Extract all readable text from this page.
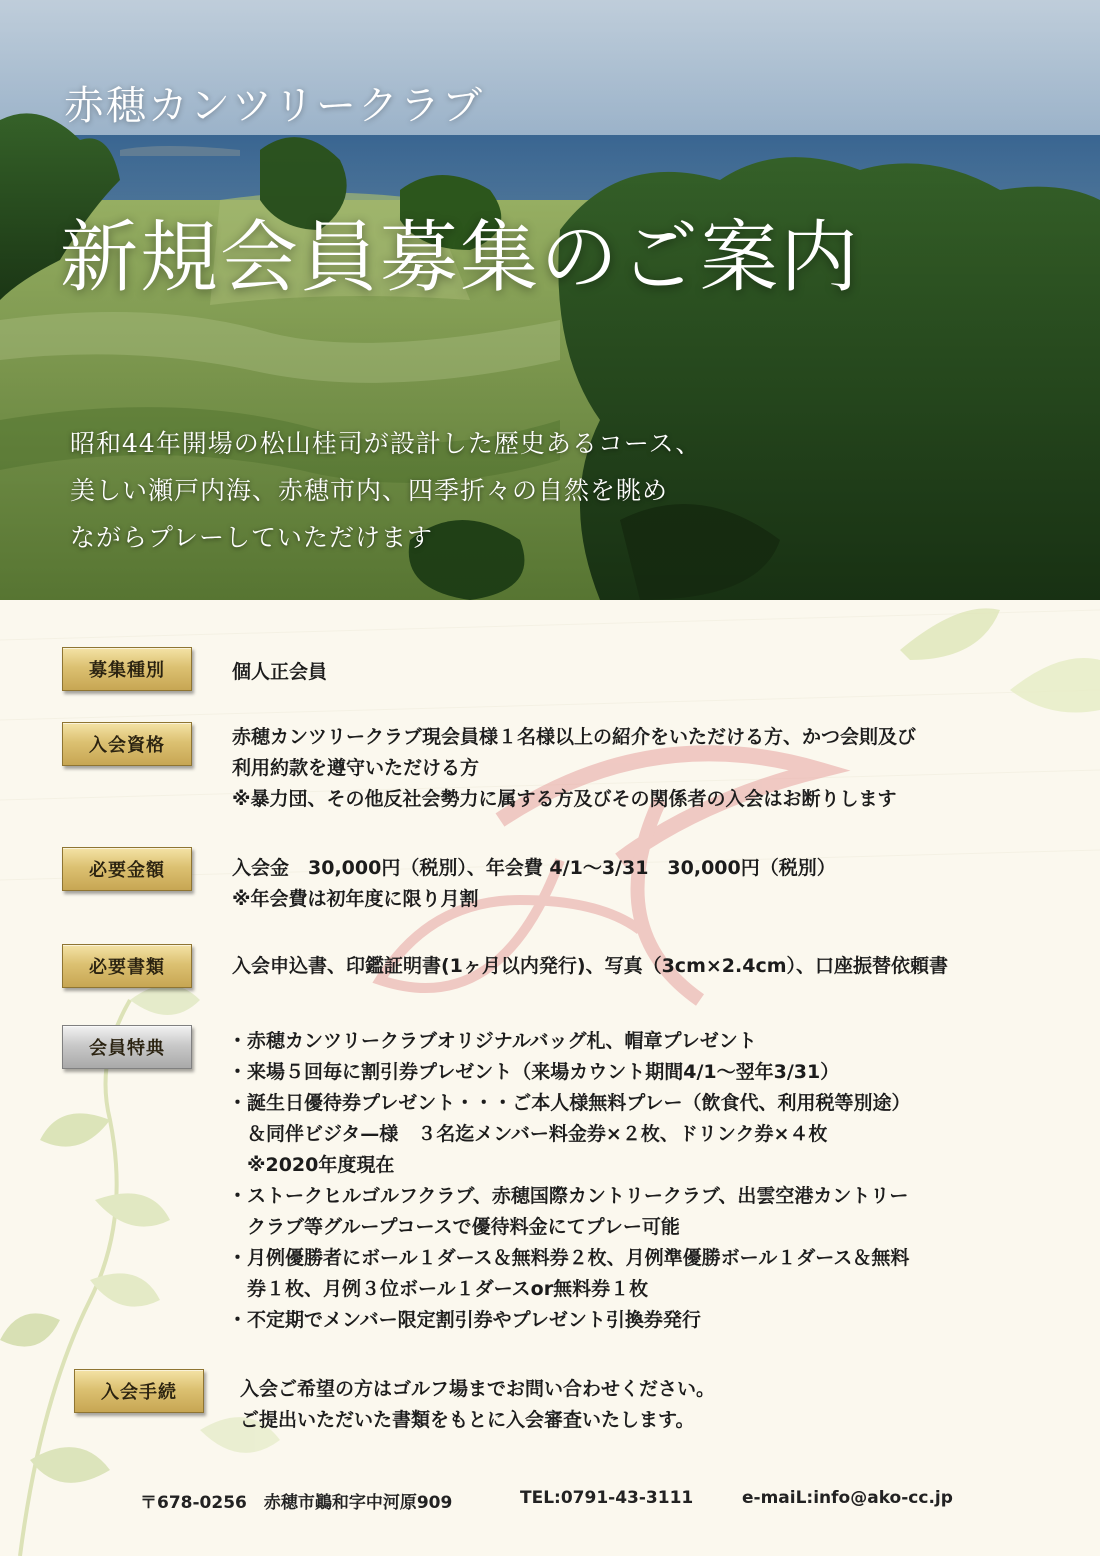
赤穂カンツリークラブ
新規会員募集のご案内
昭和44年開場の松山桂司が設計した歴史あるコース、
美しい瀬戸内海、赤穂市内、四季折々の自然を眺め
ながらプレーしていただけます
募集種別	個人正会員
入会資格	赤穂カンツリークラブ現会員様１名様以上の紹介をいただける方、かつ会則及び
利用約款を遵守いただける方
※暴力団、その他反社会勢力に属する方及びその関係者の入会はお断りします
必要金額	入会金　30,000円（税別）、年会費 4/1～3/31　30,000円（税別）
※年会費は初年度に限り月割
必要書類	入会申込書、印鑑証明書(1ヶ月以内発行)、写真（3cm×2.4cm）、口座振替依頼書
会員特典	・赤穂カンツリークラブオリジナルバッグ札、帽章プレゼント
・来場５回毎に割引券プレゼント（来場カウント期間4/1～翌年3/31）
・誕生日優待券プレゼント・・・ご本人様無料プレー（飲食代、利用税等別途）
　＆同伴ビジタ—様　３名迄メンバー料金券×２枚、ドリンク券×４枚
　※2020年度現在
・ストークヒルゴルフクラブ、赤穂国際カントリークラブ、出雲空港カントリー
　クラブ等グループコースで優待料金にてプレー可能
・月例優勝者にボール１ダース＆無料券２枚、月例準優勝ボール１ダース＆無料
　券１枚、月例３位ボール１ダースor無料券１枚
・不定期でメンバー限定割引券やプレゼント引換券発行
入会手続	入会ご希望の方はゴルフ場までお問い合わせください。
ご提出いただいた書類をもとに入会審査いたします。
〒678-0256　赤穂市鷆和字中河原909	TEL:0791-43-3111	e-maiL:info@ako-cc.jp
